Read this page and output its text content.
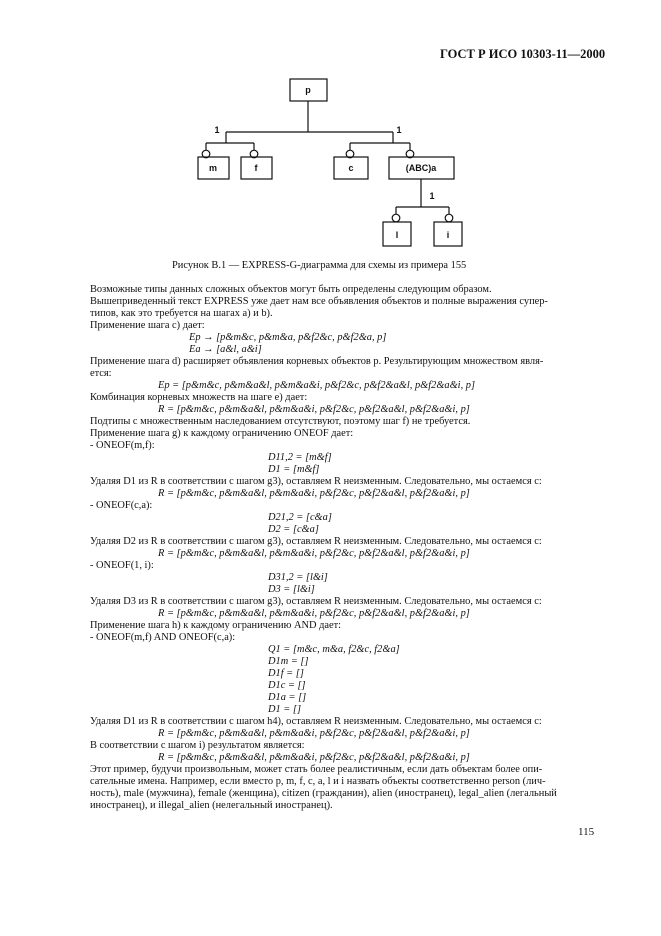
ГОСТ Р ИСО 10303-11—2000
p
m	f	c	(ABC)a
l	i
1	1
1
Рисунок В.1 — EXPRESS-G-диаграмма для схемы из примера 155
Возможные типы данных сложных объектов могут быть определены следующим образом.
Вышеприведенный текст EXPRESS уже дает нам все объявления объектов и полные выражения супер-
типов, как это требуется на шагах а) и b).
Применение шага с) дает:
Ep → [p&m&c, p&m&a, p&f2&c, p&f2&a, p]
Ea → [a&l, a&i]
Применение шага d) расширяет объявления корневых объектов p. Результирующим множеством явля-
ется:
Ep = [p&m&c, p&m&a&l, p&m&a&i, p&f2&c, p&f2&a&l, p&f2&a&i, p]
Комбинация корневых множеств на шаге е) дает:
R = [p&m&c, p&m&a&l, p&m&a&i, p&f2&c, p&f2&a&l, p&f2&a&i, p]
Подтипы с множественным наследованием отсутствуют, поэтому шаг f) не требуется.
Применение шага g) к каждому ограничению ONEOF дает:
- ONEOF(m,f):
D11,2 = [m&f]
D1 = [m&f]
Удаляя D1 из R в соответствии с шагом g3), оставляем R неизменным. Следовательно, мы остаемся с:
R = [p&m&c, p&m&a&l, p&m&a&i, p&f2&c, p&f2&a&l, p&f2&a&i, p]
- ONEOF(c,a):
D21,2 = [c&a]
D2 = [c&a]
Удаляя D2 из R в соответствии с шагом g3), оставляем R неизменным. Следовательно, мы остаемся с:
R = [p&m&c, p&m&a&l, p&m&a&i, p&f2&c, p&f2&a&l, p&f2&a&i, p]
- ONEOF(1, i):
D31,2 = [l&i]
D3 = [l&i]
Удаляя D3 из R в соответствии с шагом g3), оставляем R неизменным. Следовательно, мы остаемся с:
R = [p&m&c, p&m&a&l, p&m&a&i, p&f2&c, p&f2&a&l, p&f2&a&i, p]
Применение шага h) к каждому ограничению AND дает:
- ONEOF(m,f) AND ONEOF(c,a):
Q1 = [m&c, m&a, f2&c, f2&a]
D1m = []
D1f = []
D1c = []
D1a = []
D1 = []
Удаляя D1 из R в соответствии с шагом h4), оставляем R неизменным. Следовательно, мы остаемся с:
R = [p&m&c, p&m&a&l, p&m&a&i, p&f2&c, p&f2&a&l, p&f2&a&i, p]
В соответствии с шагом i) результатом является:
R = [p&m&c, p&m&a&l, p&m&a&i, p&f2&c, p&f2&a&l, p&f2&a&i, p]
Этот пример, будучи произвольным, может стать более реалистичным, если дать объектам более опи-
сательные имена. Например, если вместо p, m, f, c, a, l и i назвать объекты соответственно person (лич-
ность), male (мужчина), female (женщина), citizen (гражданин), alien (иностранец), legal_alien (легальный
иностранец), и illegal_alien (нелегальный иностранец).
115
